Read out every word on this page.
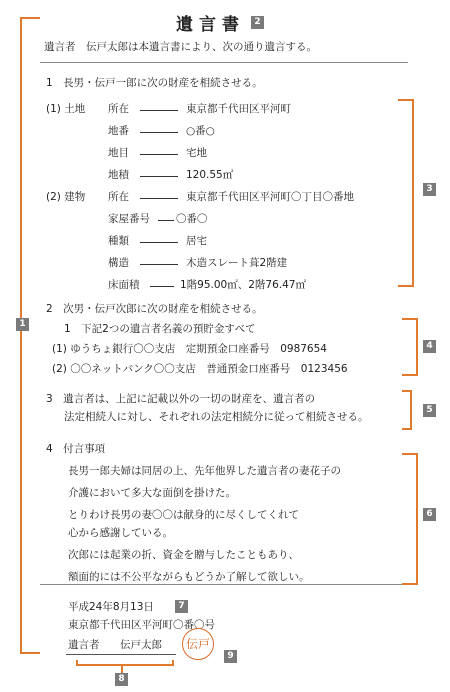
遺言書	2
遺言者　伝戸太郎は本遺言書により、次の通り遺言する。
1　長男・伝戸一郎に次の財産を相続させる。
(1) 土地 所在	東京都千代田区平河町
地番	○番○
地目	宅地
地積	120.55㎡
(2) 建物 所在	東京都千代田区平河町〇丁目〇番地
家屋番号 〇番〇
種類	居宅
構造	木造スレート葺2階建
床面積	1階95.00㎡、2階76.47㎡
2　次男・伝戸次郎に次の財産を相続させる。
1　下記2つの遺言者名義の預貯金すべて
(1) ゆうちょ銀行〇〇支店　定期預金口座番号　0987654
(2) 〇〇ネットバンク〇〇支店　普通預金口座番号　0123456
3　遺言者は、上記に記載以外の一切の財産を、遺言者の
法定相続人に対し、それぞれの法定相続分に従って相続させる。
4　付言事項
長男一郎夫婦は同居の上、先年他界した遺言者の妻花子の
介護において多大な面倒を掛けた。
とりわけ長男の妻〇〇は献身的に尽くしてくれて
心から感謝している。
次郎には起業の折、資金を贈与したこともあり、
額面的には不公平ながらもどうか了解して欲しい。
平成24年8月13日	7
東京都千代田区平河町〇番〇号
遺言者 伝戸太郎	伝戸
9
1
3
4
5
6
8
